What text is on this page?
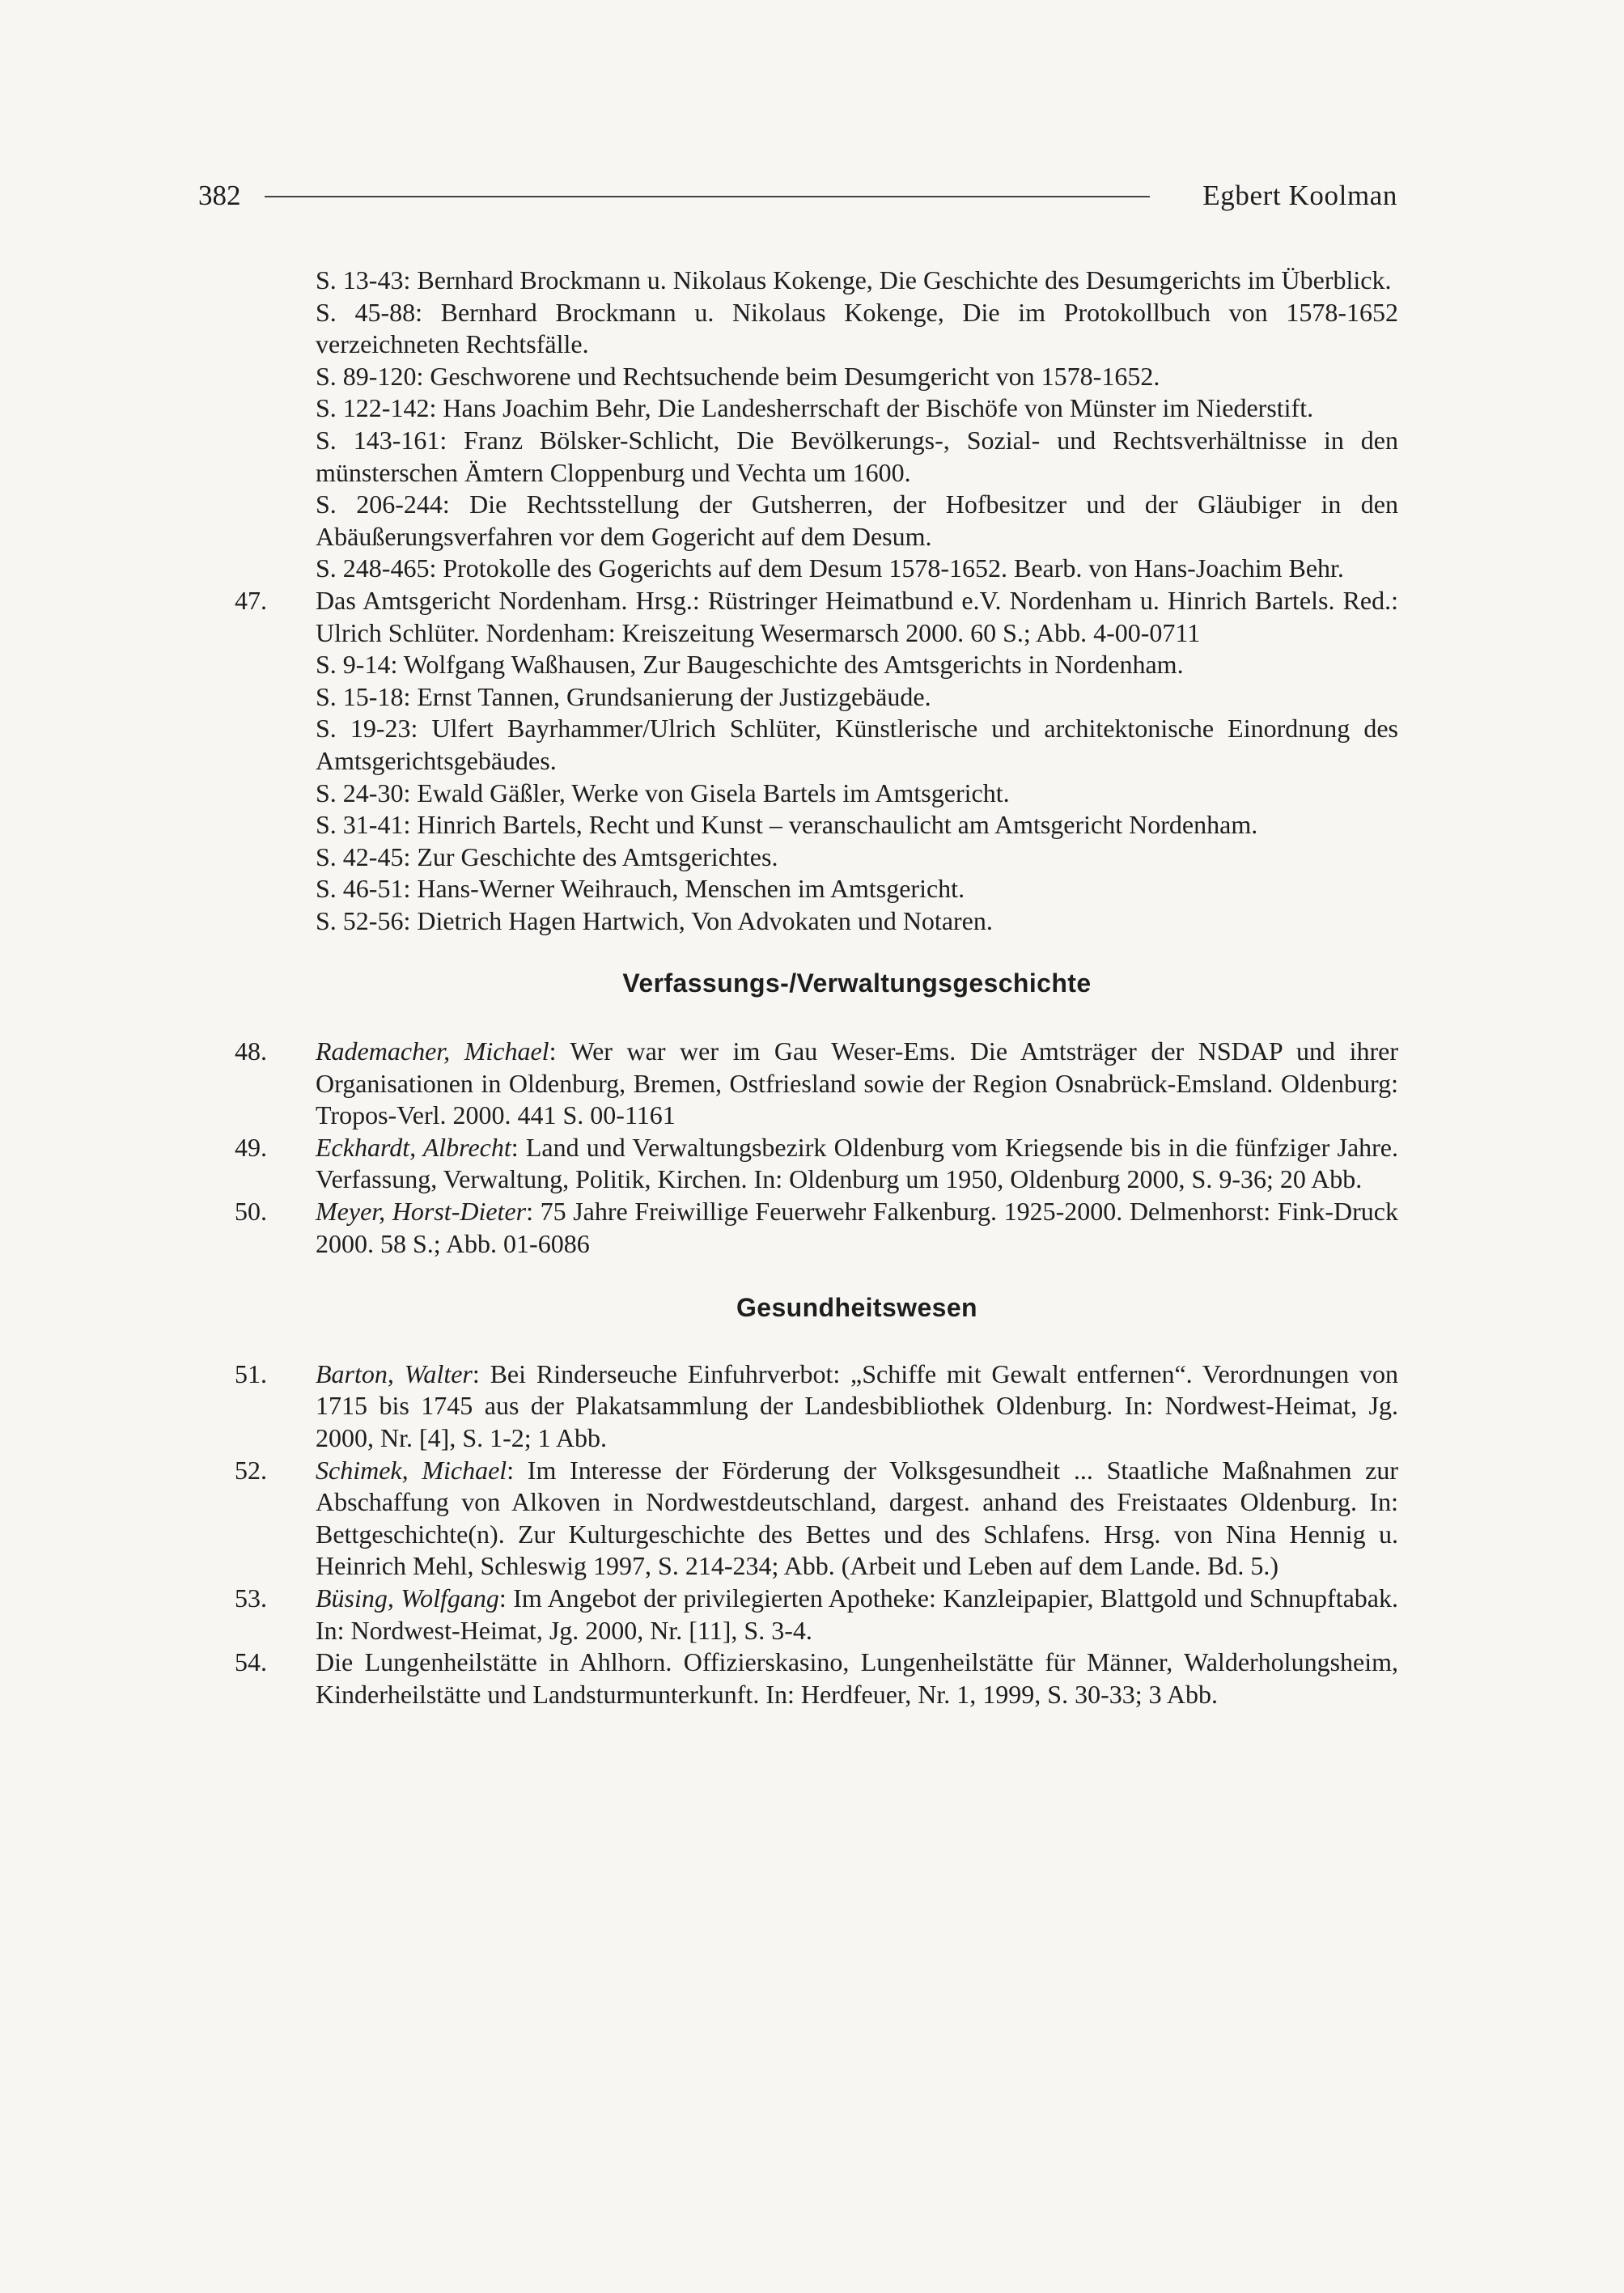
382	Egbert Koolman
S. 13-43: Bernhard Brockmann u. Nikolaus Kokenge, Die Geschichte des Desumgerichts im Überblick.
S. 45-88: Bernhard Brockmann u. Nikolaus Kokenge, Die im Protokollbuch von 1578-1652 verzeichneten Rechtsfälle.
S. 89-120: Geschworene und Rechtsuchende beim Desumgericht von 1578-1652.
S. 122-142: Hans Joachim Behr, Die Landesherrschaft der Bischöfe von Münster im Niederstift.
S. 143-161: Franz Bölsker-Schlicht, Die Bevölkerungs-, Sozial- und Rechtsverhältnisse in den münsterschen Ämtern Cloppenburg und Vechta um 1600.
S. 206-244: Die Rechtsstellung der Gutsherren, der Hofbesitzer und der Gläubiger in den Abäußerungsverfahren vor dem Gogericht auf dem Desum.
S. 248-465: Protokolle des Gogerichts auf dem Desum 1578-1652. Bearb. von Hans-Joachim Behr.
47.	Das Amtsgericht Nordenham. Hrsg.: Rüstringer Heimatbund e.V. Nordenham u. Hinrich Bartels. Red.: Ulrich Schlüter. Nordenham: Kreiszeitung Wesermarsch 2000. 60 S.; Abb. 4-00-0711
S. 9-14: Wolfgang Waßhausen, Zur Baugeschichte des Amtsgerichts in Nordenham.
S. 15-18: Ernst Tannen, Grundsanierung der Justizgebäude.
S. 19-23: Ulfert Bayrhammer/Ulrich Schlüter, Künstlerische und architektonische Einordnung des Amtsgerichtsgebäudes.
S. 24-30: Ewald Gäßler, Werke von Gisela Bartels im Amtsgericht.
S. 31-41: Hinrich Bartels, Recht und Kunst – veranschaulicht am Amtsgericht Nordenham.
S. 42-45: Zur Geschichte des Amtsgerichtes.
S. 46-51: Hans-Werner Weihrauch, Menschen im Amtsgericht.
S. 52-56: Dietrich Hagen Hartwich, Von Advokaten und Notaren.
Verfassungs-/Verwaltungsgeschichte
48.	Rademacher, Michael: Wer war wer im Gau Weser-Ems. Die Amtsträger der NSDAP und ihrer Organisationen in Oldenburg, Bremen, Ostfriesland sowie der Region Osnabrück-Emsland. Oldenburg: Tropos-Verl. 2000. 441 S. 00-1161
49.	Eckhardt, Albrecht: Land und Verwaltungsbezirk Oldenburg vom Kriegsende bis in die fünfziger Jahre. Verfassung, Verwaltung, Politik, Kirchen. In: Oldenburg um 1950, Oldenburg 2000, S. 9-36; 20 Abb.
50.	Meyer, Horst-Dieter: 75 Jahre Freiwillige Feuerwehr Falkenburg. 1925-2000. Delmenhorst: Fink-Druck 2000. 58 S.; Abb. 01-6086
Gesundheitswesen
51.	Barton, Walter: Bei Rinderseuche Einfuhrverbot: „Schiffe mit Gewalt entfernen“. Verordnungen von 1715 bis 1745 aus der Plakatsammlung der Landesbibliothek Oldenburg. In: Nordwest-Heimat, Jg. 2000, Nr. [4], S. 1-2; 1 Abb.
52.	Schimek, Michael: Im Interesse der Förderung der Volksgesundheit ... Staatliche Maßnahmen zur Abschaffung von Alkoven in Nordwestdeutschland, dargest. anhand des Freistaates Oldenburg. In: Bettgeschichte(n). Zur Kulturgeschichte des Bettes und des Schlafens. Hrsg. von Nina Hennig u. Heinrich Mehl, Schleswig 1997, S. 214-234; Abb. (Arbeit und Leben auf dem Lande. Bd. 5.)
53.	Büsing, Wolfgang: Im Angebot der privilegierten Apotheke: Kanzleipapier, Blattgold und Schnupftabak. In: Nordwest-Heimat, Jg. 2000, Nr. [11], S. 3-4.
54.	Die Lungenheilstätte in Ahlhorn. Offizierskasino, Lungenheilstätte für Männer, Walderholungsheim, Kinderheilstätte und Landsturmunterkunft. In: Herdfeuer, Nr. 1, 1999, S. 30-33; 3 Abb.
